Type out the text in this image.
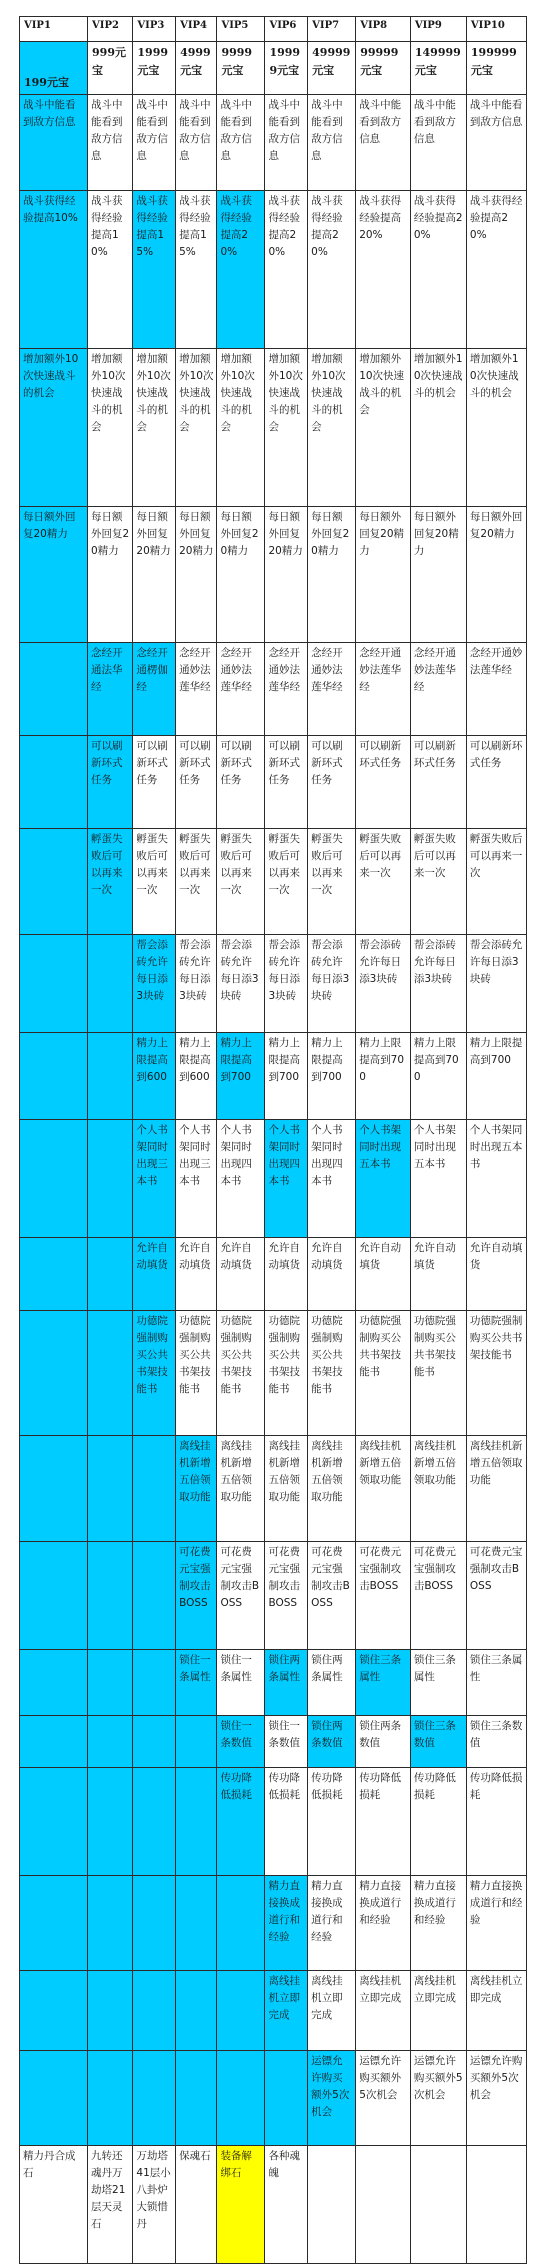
VIP1	VIP2	VIP3	VIP4	VIP5	VIP6	VIP7	VIP8	VIP9	VIP10
199元宝	999元宝	1999元宝	4999元宝	9999元宝	19999元宝	49999元宝	99999元宝	149999元宝	199999元宝
战斗中能看到敌方信息	战斗中能看到敌方信息	战斗中能看到敌方信息	战斗中能看到敌方信息	战斗中能看到敌方信息	战斗中能看到敌方信息	战斗中能看到敌方信息	战斗中能看到敌方信息	战斗中能看到敌方信息	战斗中能看到敌方信息
战斗获得经验提高10%	战斗获得经验提高10%	战斗获得经验提高15%	战斗获得经验提高15%	战斗获得经验提高20%	战斗获得经验提高20%	战斗获得经验提高20%	战斗获得经验提高20%	战斗获得经验提高20%	战斗获得经验提高20%
增加额外10次快速战斗的机会	增加额外10次快速战斗的机会	增加额外10次快速战斗的机会	增加额外10次快速战斗的机会	增加额外10次快速战斗的机会	增加额外10次快速战斗的机会	增加额外10次快速战斗的机会	增加额外10次快速战斗的机会	增加额外10次快速战斗的机会	增加额外10次快速战斗的机会
每日额外回复20精力	每日额外回复20精力	每日额外回复20精力	每日额外回复20精力	每日额外回复20精力	每日额外回复20精力	每日额外回复20精力	每日额外回复20精力	每日额外回复20精力	每日额外回复20精力
	念经开通法华经	念经开通楞伽经	念经开通妙法莲华经	念经开通妙法莲华经	念经开通妙法莲华经	念经开通妙法莲华经	念经开通妙法莲华经	念经开通妙法莲华经	念经开通妙法莲华经
	可以刷新环式任务	可以刷新环式任务	可以刷新环式任务	可以刷新环式任务	可以刷新环式任务	可以刷新环式任务	可以刷新环式任务	可以刷新环式任务	可以刷新环式任务
	孵蛋失败后可以再来一次	孵蛋失败后可以再来一次	孵蛋失败后可以再来一次	孵蛋失败后可以再来一次	孵蛋失败后可以再来一次	孵蛋失败后可以再来一次	孵蛋失败后可以再来一次	孵蛋失败后可以再来一次	孵蛋失败后可以再来一次
		帮会添砖允许每日添3块砖	帮会添砖允许每日添3块砖	帮会添砖允许每日添3块砖	帮会添砖允许每日添3块砖	帮会添砖允许每日添3块砖	帮会添砖允许每日添3块砖	帮会添砖允许每日添3块砖	帮会添砖允许每日添3块砖
		精力上限提高到600	精力上限提高到600	精力上限提高到700	精力上限提高到700	精力上限提高到700	精力上限提高到700	精力上限提高到700	精力上限提高到700
		个人书架同时出现三本书	个人书架同时出现三本书	个人书架同时出现四本书	个人书架同时出现四本书	个人书架同时出现四本书	个人书架同时出现五本书	个人书架同时出现五本书	个人书架同时出现五本书
		允许自动填货	允许自动填货	允许自动填货	允许自动填货	允许自动填货	允许自动填货	允许自动填货	允许自动填货
		功德院强制购买公共书架技能书	功德院强制购买公共书架技能书	功德院强制购买公共书架技能书	功德院强制购买公共书架技能书	功德院强制购买公共书架技能书	功德院强制购买公共书架技能书	功德院强制购买公共书架技能书	功德院强制购买公共书架技能书
			离线挂机新增五倍领取功能	离线挂机新增五倍领取功能	离线挂机新增五倍领取功能	离线挂机新增五倍领取功能	离线挂机新增五倍领取功能	离线挂机新增五倍领取功能	离线挂机新增五倍领取功能
			可花费元宝强制攻击BOSS	可花费元宝强制攻击BOSS	可花费元宝强制攻击BOSS	可花费元宝强制攻击BOSS	可花费元宝强制攻击BOSS	可花费元宝强制攻击BOSS	可花费元宝强制攻击BOSS
			锁住一条属性	锁住一条属性	锁住两条属性	锁住两条属性	锁住三条属性	锁住三条属性	锁住三条属性
				锁住一条数值	锁住一条数值	锁住两条数值	锁住两条数值	锁住三条数值	锁住三条数值
				传功降低损耗	传功降低损耗	传功降低损耗	传功降低损耗	传功降低损耗	传功降低损耗
					精力直接换成道行和经验	精力直接换成道行和经验	精力直接换成道行和经验	精力直接换成道行和经验	精力直接换成道行和经验
					离线挂机立即完成	离线挂机立即完成	离线挂机立即完成	离线挂机立即完成	离线挂机立即完成
						运镖允许购买额外5次机会	运镖允许购买额外5次机会	运镖允许购买额外5次机会	运镖允许购买额外5次机会
精力丹合成石	九转还魂丹万劫塔21层天灵石	万劫塔41层小八卦炉大锁惜丹	保魂石	装备解绑石	各种魂魄				
